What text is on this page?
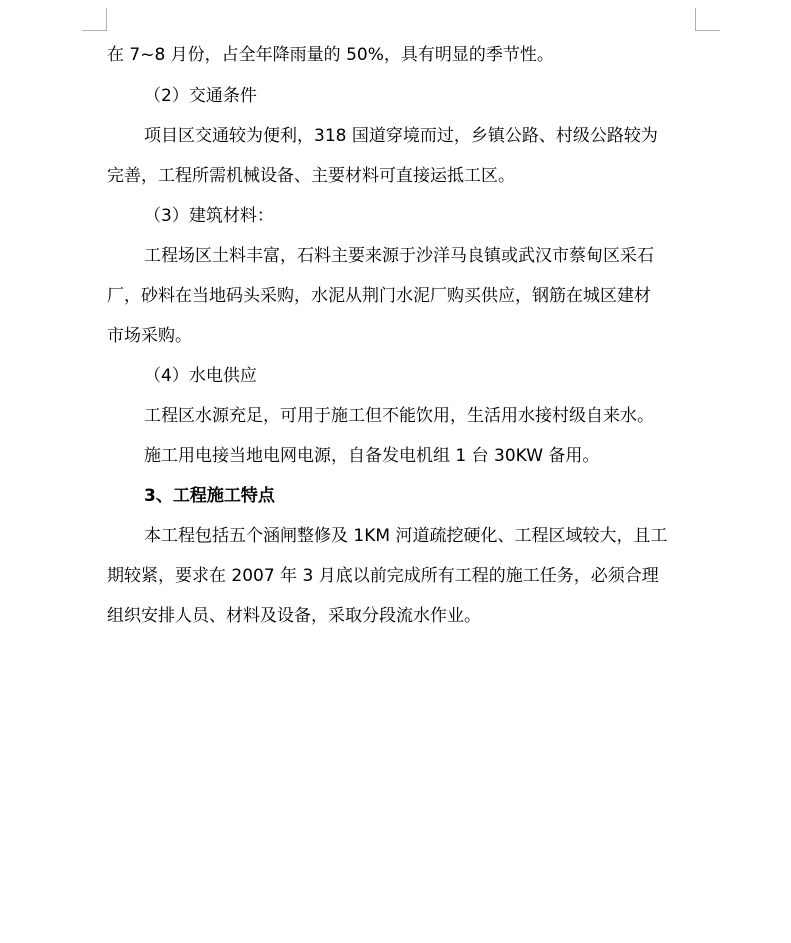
在 7~8 月份，占全年降雨量的 50%，具有明显的季节性。
（2）交通条件
项目区交通较为便利，318 国道穿境而过，乡镇公路、村级公路较为
完善，工程所需机械设备、主要材料可直接运抵工区。
（3）建筑材料：
工程场区土料丰富，石料主要来源于沙洋马良镇或武汉市蔡甸区采石
厂，砂料在当地码头采购，水泥从荆门水泥厂购买供应，钢筋在城区建材
市场采购。
（4）水电供应
工程区水源充足，可用于施工但不能饮用，生活用水接村级自来水。
施工用电接当地电网电源，自备发电机组 1 台 30KW 备用。
3、工程施工特点
本工程包括五个涵闸整修及 1KM 河道疏挖硬化、工程区域较大，且工
期较紧，要求在 2007 年 3 月底以前完成所有工程的施工任务，必须合理
组织安排人员、材料及设备，采取分段流水作业。
